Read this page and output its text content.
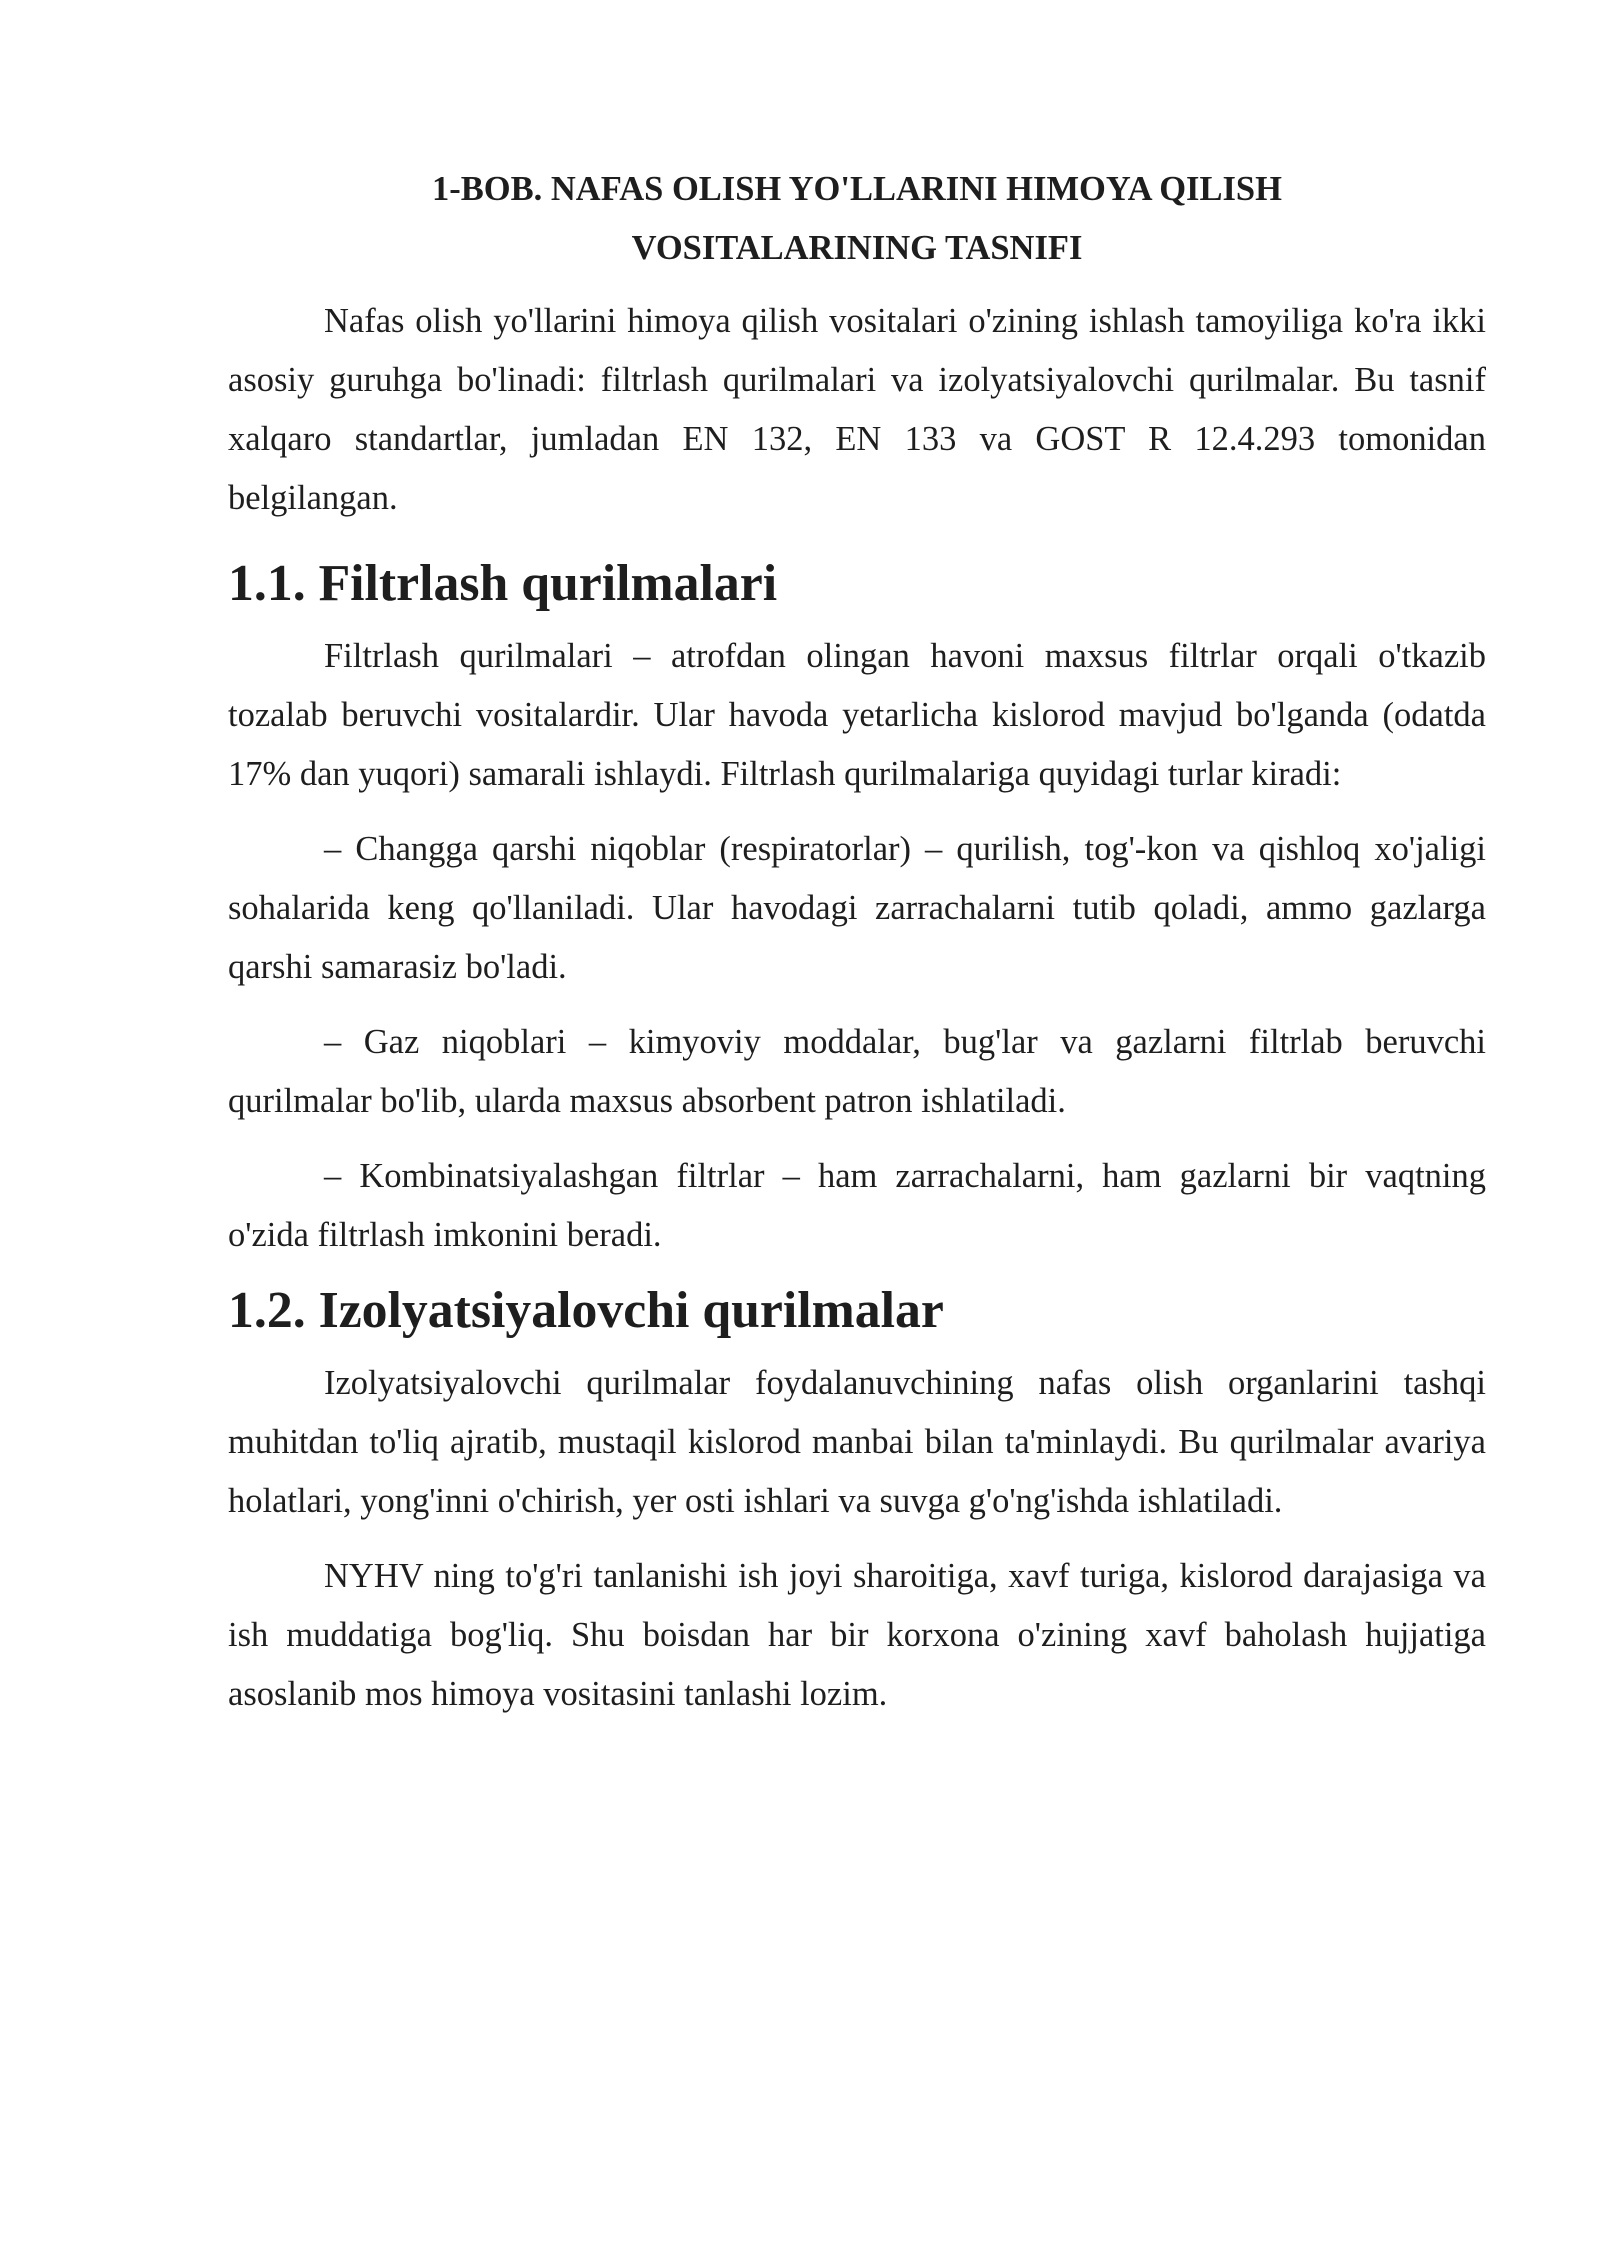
1-BOB. NAFAS OLISH YO'LLARINI HIMOYA QILISH
VOSITALARINING TASNIFI

Nafas olish yo'llarini himoya qilish vositalari o'zining ishlash tamoyiliga ko'ra ikki asosiy guruhga bo'linadi: filtrlash qurilmalari va izolyatsiyalovchi qurilmalar. Bu tasnif xalqaro standartlar, jumladan EN 132, EN 133 va GOST R 12.4.293 tomonidan belgilangan.

1.1. Filtrlash qurilmalari

Filtrlash qurilmalari – atrofdan olingan havoni maxsus filtrlar orqali o'tkazib tozalab beruvchi vositalardir. Ular havoda yetarlicha kislorod mavjud bo'lganda (odatda 17% dan yuqori) samarali ishlaydi. Filtrlash qurilmalariga quyidagi turlar kiradi:

– Changga qarshi niqoblar (respiratorlar) – qurilish, tog'-kon va qishloq xo'jaligi sohalarida keng qo'llaniladi. Ular havodagi zarrachalarni tutib qoladi, ammo gazlarga qarshi samarasiz bo'ladi.

– Gaz niqoblari – kimyoviy moddalar, bug'lar va gazlarni filtrlab beruvchi qurilmalar bo'lib, ularda maxsus absorbent patron ishlatiladi.

– Kombinatsiyalashgan filtrlar – ham zarrachalarni, ham gazlarni bir vaqtning o'zida filtrlash imkonini beradi.

1.2. Izolyatsiyalovchi qurilmalar

Izolyatsiyalovchi qurilmalar foydalanuvchining nafas olish organlarini tashqi muhitdan to'liq ajratib, mustaqil kislorod manbai bilan ta'minlaydi. Bu qurilmalar avariya holatlari, yong'inni o'chirish, yer osti ishlari va suvga g'o'ng'ishda ishlatiladi.

NYHV ning to'g'ri tanlanishi ish joyi sharoitiga, xavf turiga, kislorod darajasiga va ish muddatiga bog'liq. Shu boisdan har bir korxona o'zining xavf baholash hujjatiga asoslanib mos himoya vositasini tanlashi lozim.
